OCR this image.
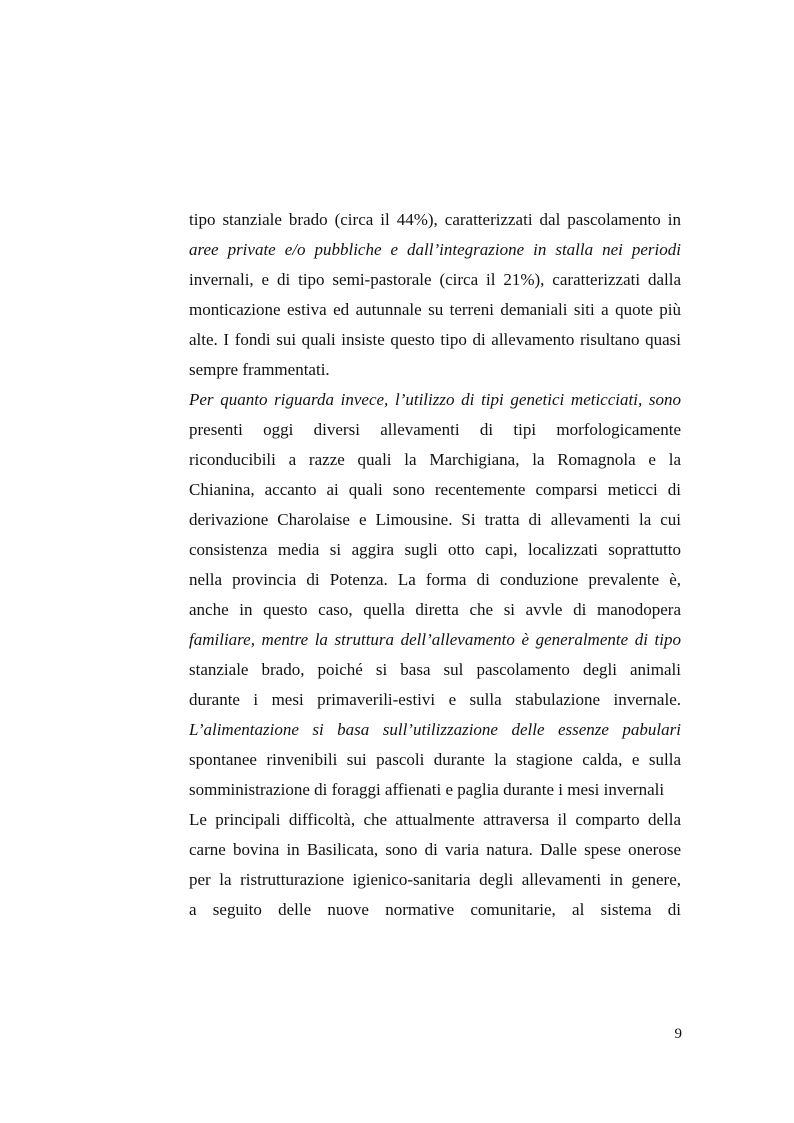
tipo stanziale brado (circa il 44%), caratterizzati dal pascolamento in
aree private e/o pubbliche e dall’integrazione in stalla nei periodi
invernali, e di tipo semi-pastorale (circa il 21%), caratterizzati dalla
monticazione estiva ed autunnale su terreni demaniali siti a quote più
alte. I fondi sui quali insiste questo tipo di allevamento risultano quasi
sempre frammentati.
Per quanto riguarda invece, l’utilizzo di tipi genetici meticciati, sono
presenti oggi diversi allevamenti di tipi morfologicamente
riconducibili a razze quali la Marchigiana, la Romagnola e la
Chianina, accanto ai quali sono recentemente comparsi meticci di
derivazione Charolaise e Limousine. Si tratta di allevamenti la cui
consistenza media si aggira sugli otto capi, localizzati soprattutto
nella provincia di Potenza. La forma di conduzione prevalente è,
anche in questo caso, quella diretta che si avvle di manodopera
familiare, mentre la struttura dell’allevamento è generalmente di tipo
stanziale brado, poiché si basa sul pascolamento degli animali
durante i mesi primaverili-estivi e sulla stabulazione invernale.
L’alimentazione si basa sull’utilizzazione delle essenze pabulari
spontanee rinvenibili sui pascoli durante la stagione calda, e sulla
somministrazione di foraggi affienati e paglia durante i mesi invernali
Le principali difficoltà, che attualmente attraversa il comparto della
carne bovina in Basilicata, sono di varia natura. Dalle spese onerose
per la ristrutturazione igienico-sanitaria degli allevamenti in genere,
a seguito delle nuove normative comunitarie, al sistema di
9
